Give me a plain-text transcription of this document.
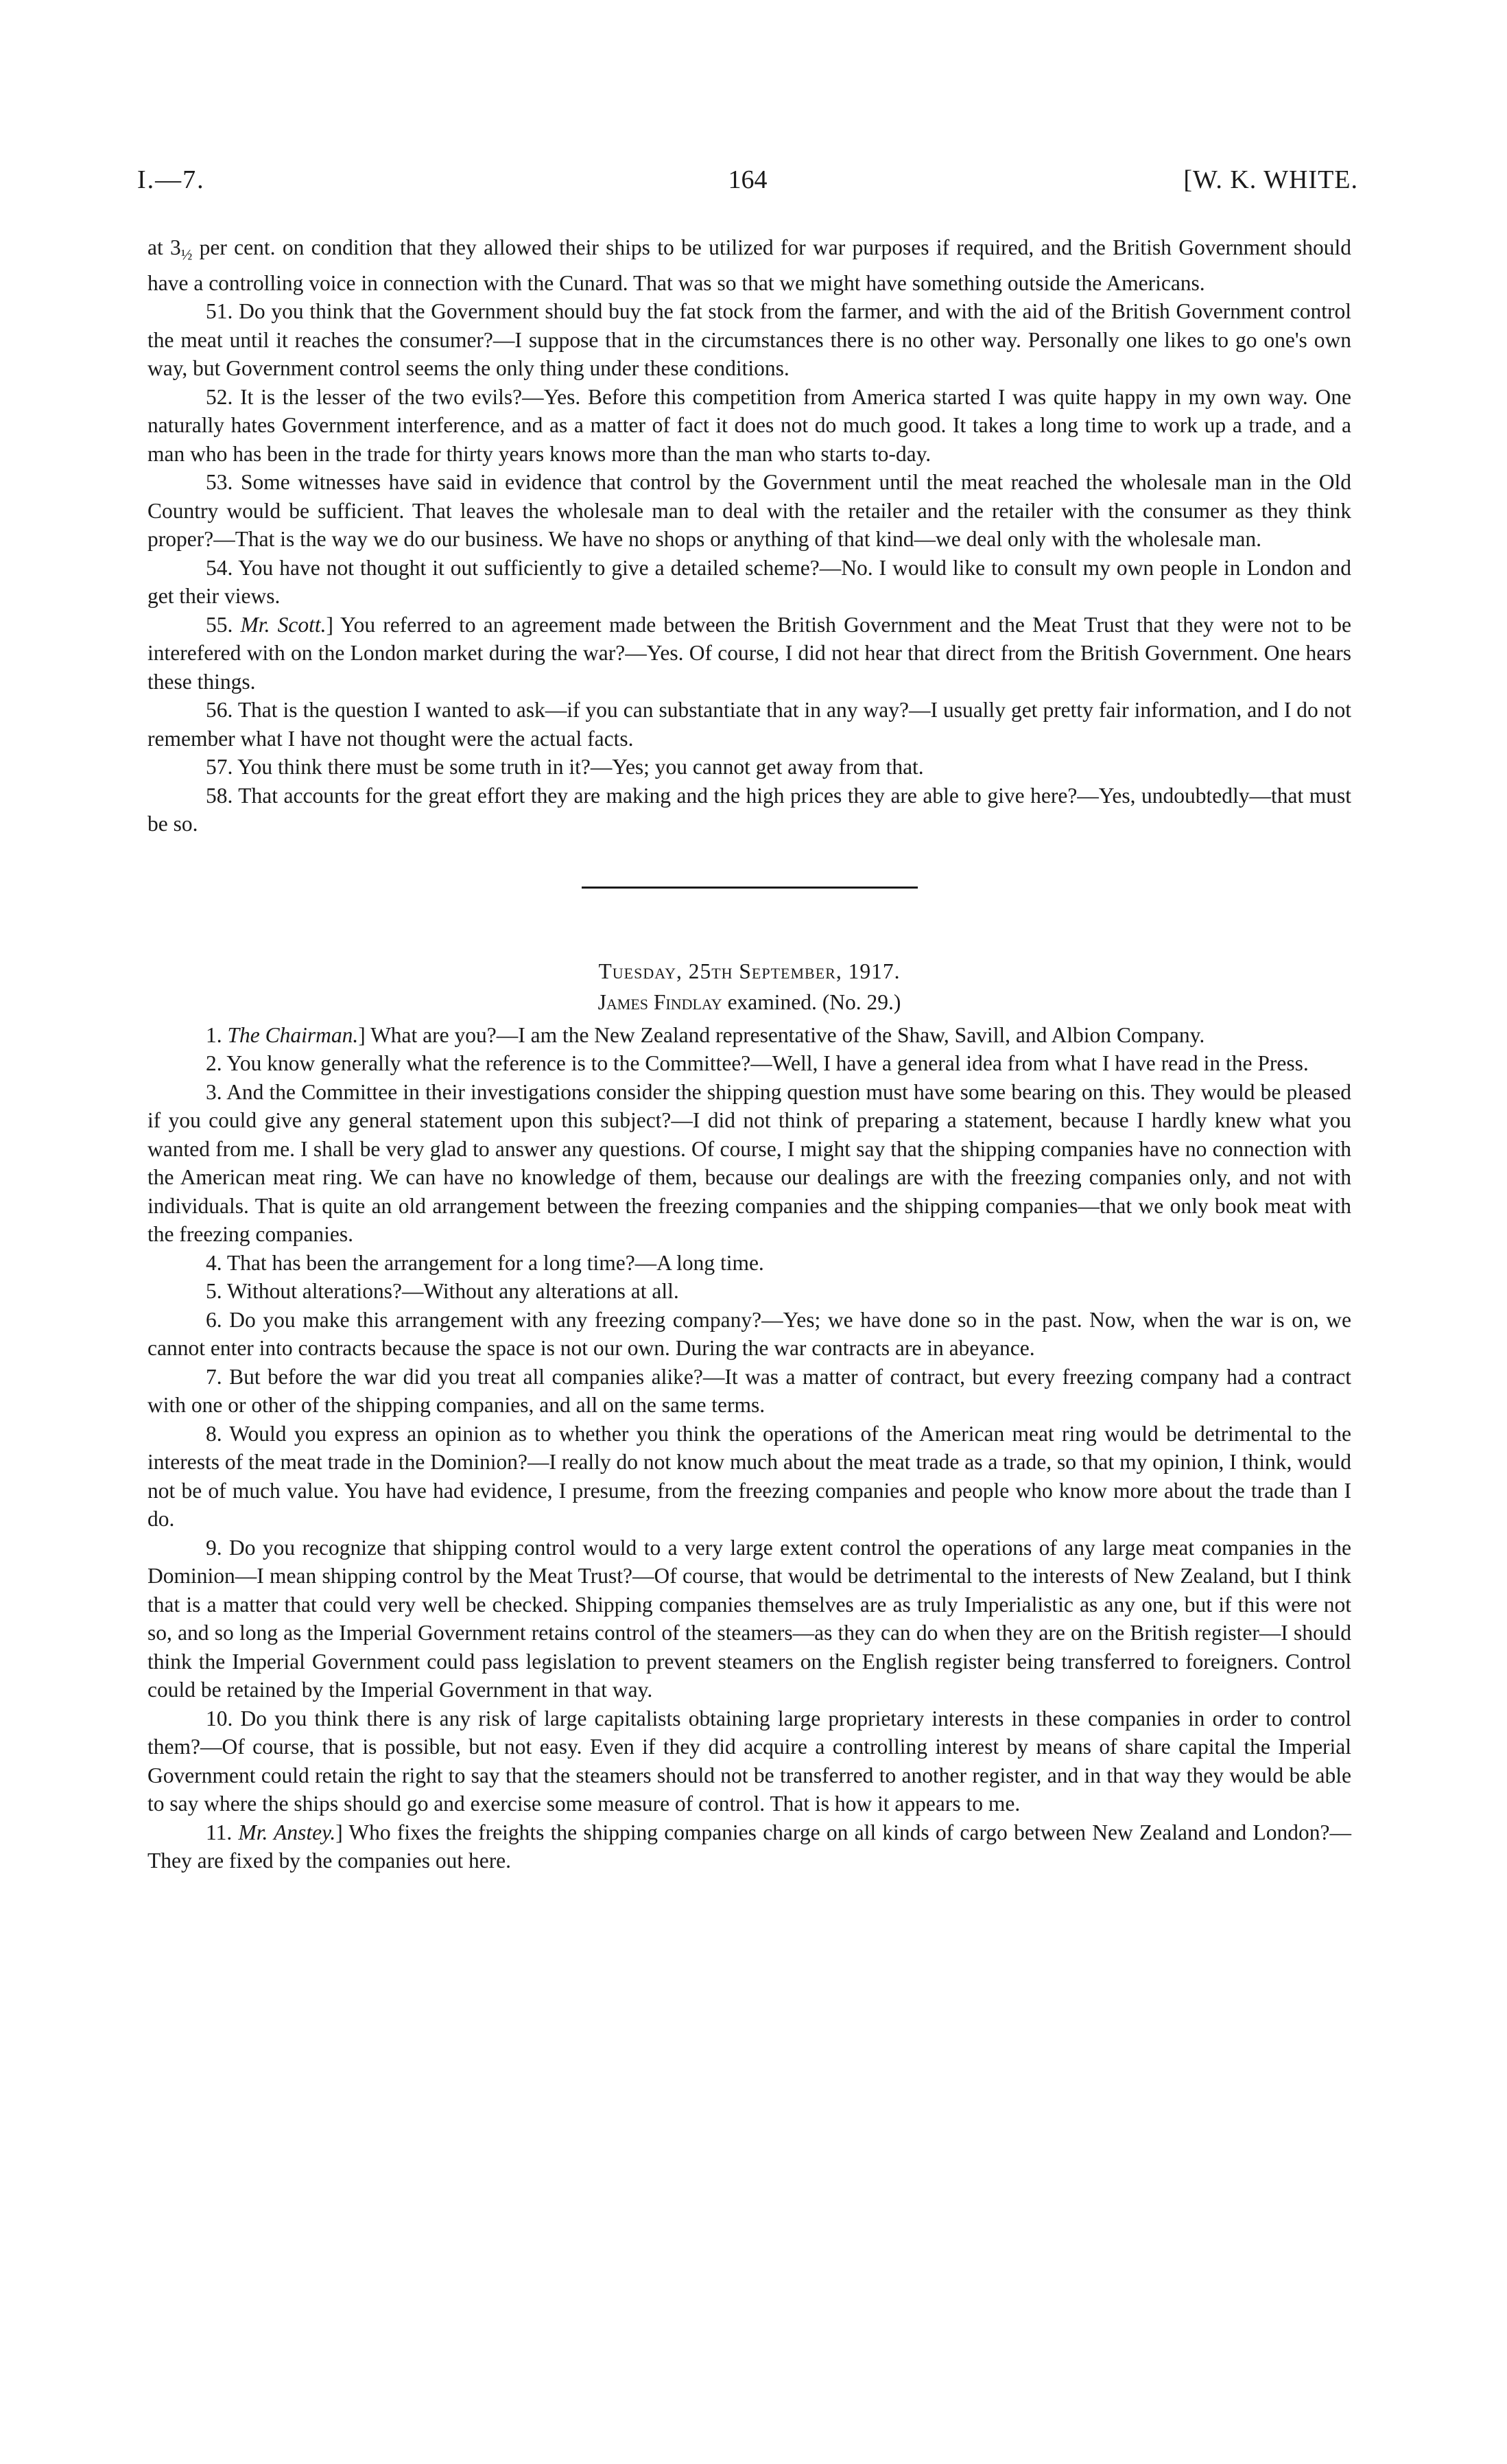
I.—7.	164	[W. K. WHITE.

at $3_{\frac{1}{2}}$ per cent. on condition that they allowed their ships to be utilized for war purposes if required, and the British Government should have a controlling voice in connection with the Cunard. That was so that we might have something outside the Americans.

51. Do you think that the Government should buy the fat stock from the farmer, and with the aid of the British Government control the meat until it reaches the consumer?—I suppose that in the circumstances there is no other way. Personally one likes to go one's own way, but Government control seems the only thing under these conditions.

52. It is the lesser of the two evils?—Yes. Before this competition from America started I was quite happy in my own way. One naturally hates Government interference, and as a matter of fact it does not do much good. It takes a long time to work up a trade, and a man who has been in the trade for thirty years knows more than the man who starts to-day.

53. Some witnesses have said in evidence that control by the Government until the meat reached the wholesale man in the Old Country would be sufficient. That leaves the wholesale man to deal with the retailer and the retailer with the consumer as they think proper?—That is the way we do our business. We have no shops or anything of that kind—we deal only with the wholesale man.

54. You have not thought it out sufficiently to give a detailed scheme?—No. I would like to consult my own people in London and get their views.

55. Mr. Scott.] You referred to an agreement made between the British Government and the Meat Trust that they were not to be interefered with on the London market during the war?—Yes. Of course, I did not hear that direct from the British Government. One hears these things.

56. That is the question I wanted to ask—if you can substantiate that in any way?—I usually get pretty fair information, and I do not remember what I have not thought were the actual facts.

57. You think there must be some truth in it?—Yes; you cannot get away from that.

58. That accounts for the great effort they are making and the high prices they are able to give here?—Yes, undoubtedly—that must be so.

Tuesday, 25th September, 1917.

James Findlay examined. (No. 29.)

1. The Chairman.] What are you?—I am the New Zealand representative of the Shaw, Savill, and Albion Company.

2. You know generally what the reference is to the Committee?—Well, I have a general idea from what I have read in the Press.

3. And the Committee in their investigations consider the shipping question must have some bearing on this. They would be pleased if you could give any general statement upon this subject?—I did not think of preparing a statement, because I hardly knew what you wanted from me. I shall be very glad to answer any questions. Of course, I might say that the shipping companies have no connection with the American meat ring. We can have no knowledge of them, because our dealings are with the freezing companies only, and not with individuals. That is quite an old arrangement between the freezing companies and the shipping companies—that we only book meat with the freezing companies.

4. That has been the arrangement for a long time?—A long time.

5. Without alterations?—Without any alterations at all.

6. Do you make this arrangement with any freezing company?—Yes; we have done so in the past. Now, when the war is on, we cannot enter into contracts because the space is not our own. During the war contracts are in abeyance.

7. But before the war did you treat all companies alike?—It was a matter of contract, but every freezing company had a contract with one or other of the shipping companies, and all on the same terms.

8. Would you express an opinion as to whether you think the operations of the American meat ring would be detrimental to the interests of the meat trade in the Dominion?—I really do not know much about the meat trade as a trade, so that my opinion, I think, would not be of much value. You have had evidence, I presume, from the freezing companies and people who know more about the trade than I do.

9. Do you recognize that shipping control would to a very large extent control the operations of any large meat companies in the Dominion—I mean shipping control by the Meat Trust?—Of course, that would be detrimental to the interests of New Zealand, but I think that is a matter that could very well be checked. Shipping companies themselves are as truly Imperialistic as any one, but if this were not so, and so long as the Imperial Government retains control of the steamers—as they can do when they are on the British register—I should think the Imperial Government could pass legislation to prevent steamers on the English register being transferred to foreigners. Control could be retained by the Imperial Government in that way.

10. Do you think there is any risk of large capitalists obtaining large proprietary interests in these companies in order to control them?—Of course, that is possible, but not easy. Even if they did acquire a controlling interest by means of share capital the Imperial Government could retain the right to say that the steamers should not be transferred to another register, and in that way they would be able to say where the ships should go and exercise some measure of control. That is how it appears to me.

11. Mr. Anstey.] Who fixes the freights the shipping companies charge on all kinds of cargo between New Zealand and London?—They are fixed by the companies out here.
